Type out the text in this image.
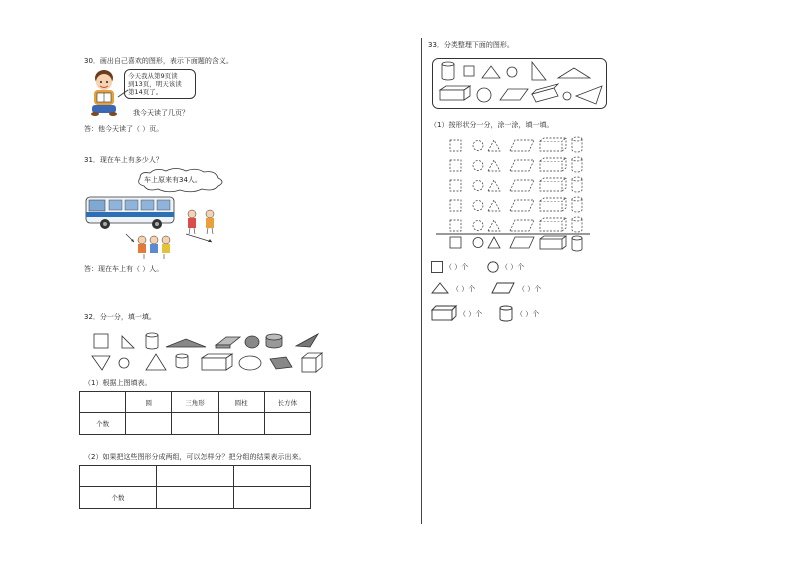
30．画出自己喜欢的图形，表示下面题的含义。
今天我从第9页读
到13页，明天该读
第14页了。
我今天读了几页？
答：他今天读了（ ）页。
31．现在车上有多少人？
车上原来有34人。
答：现在车上有（ ）人。
32．分一分，填一填。
（1）根据上图填表。
	圆	三角形	圆柱	长方体
个数				
（2）如果把这些图形分成两组，可以怎样分？把分组的结果表示出来。

个数		
33．分类整理下面的图形。
（1）按形状分一分，涂一涂，填一填。
（ ）个	（ ）个
（ ）个	（ ）个
（ ）个	（ ）个
